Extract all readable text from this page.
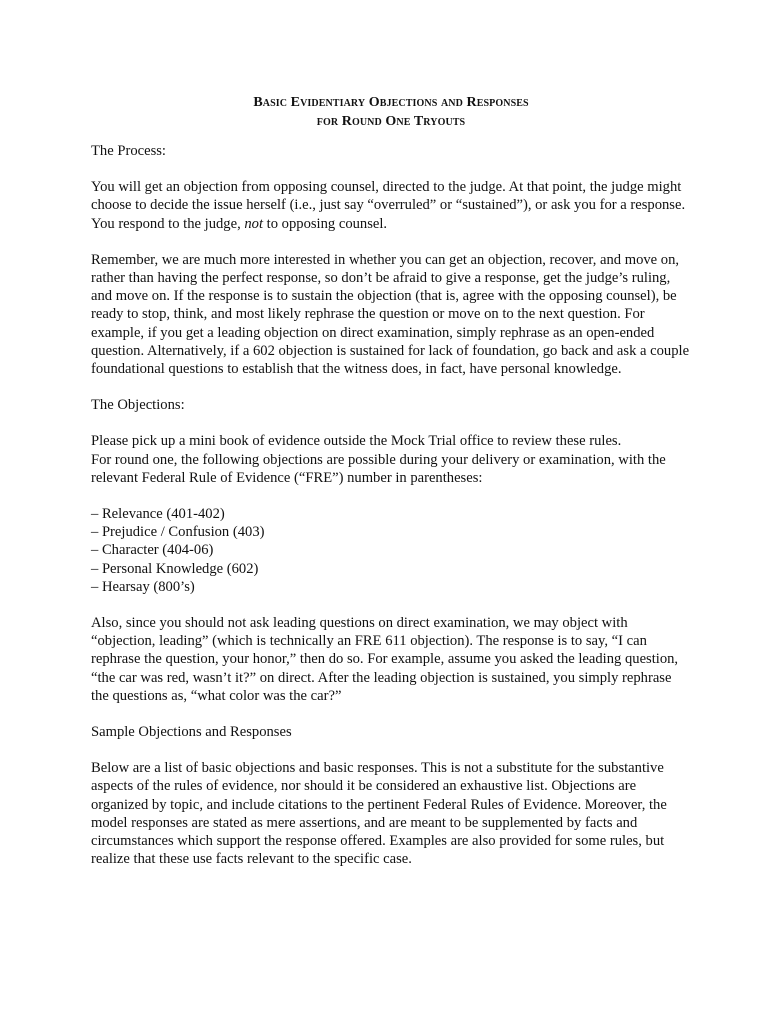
Basic Evidentiary Objections and Responses
for Round One Tryouts
The Process:

You will get an objection from opposing counsel, directed to the judge. At that point, the judge might choose to decide the issue herself (i.e., just say “overruled” or “sustained”), or ask you for a response. You respond to the judge, not to opposing counsel.

Remember, we are much more interested in whether you can get an objection, recover, and move on, rather than having the perfect response, so don’t be afraid to give a response, get the judge’s ruling, and move on. If the response is to sustain the objection (that is, agree with the opposing counsel), be ready to stop, think, and most likely rephrase the question or move on to the next question. For example, if you get a leading objection on direct examination, simply rephrase as an open-ended question. Alternatively, if a 602 objection is sustained for lack of foundation, go back and ask a couple foundational questions to establish that the witness does, in fact, have personal knowledge.

The Objections:

Please pick up a mini book of evidence outside the Mock Trial office to review these rules.
For round one, the following objections are possible during your delivery or examination, with the relevant Federal Rule of Evidence (“FRE”) number in parentheses:

– Relevance (401-402)
– Prejudice / Confusion (403)
– Character (404-06)
– Personal Knowledge (602)
– Hearsay (800’s)

Also, since you should not ask leading questions on direct examination, we may object with “objection, leading” (which is technically an FRE 611 objection). The response is to say, “I can rephrase the question, your honor,” then do so. For example, assume you asked the leading question, “the car was red, wasn’t it?” on direct. After the leading objection is sustained, you simply rephrase the questions as, “what color was the car?”

Sample Objections and Responses

Below are a list of basic objections and basic responses. This is not a substitute for the substantive aspects of the rules of evidence, nor should it be considered an exhaustive list. Objections are organized by topic, and include citations to the pertinent Federal Rules of Evidence. Moreover, the model responses are stated as mere assertions, and are meant to be supplemented by facts and circumstances which support the response offered. Examples are also provided for some rules, but realize that these use facts relevant to the specific case.
